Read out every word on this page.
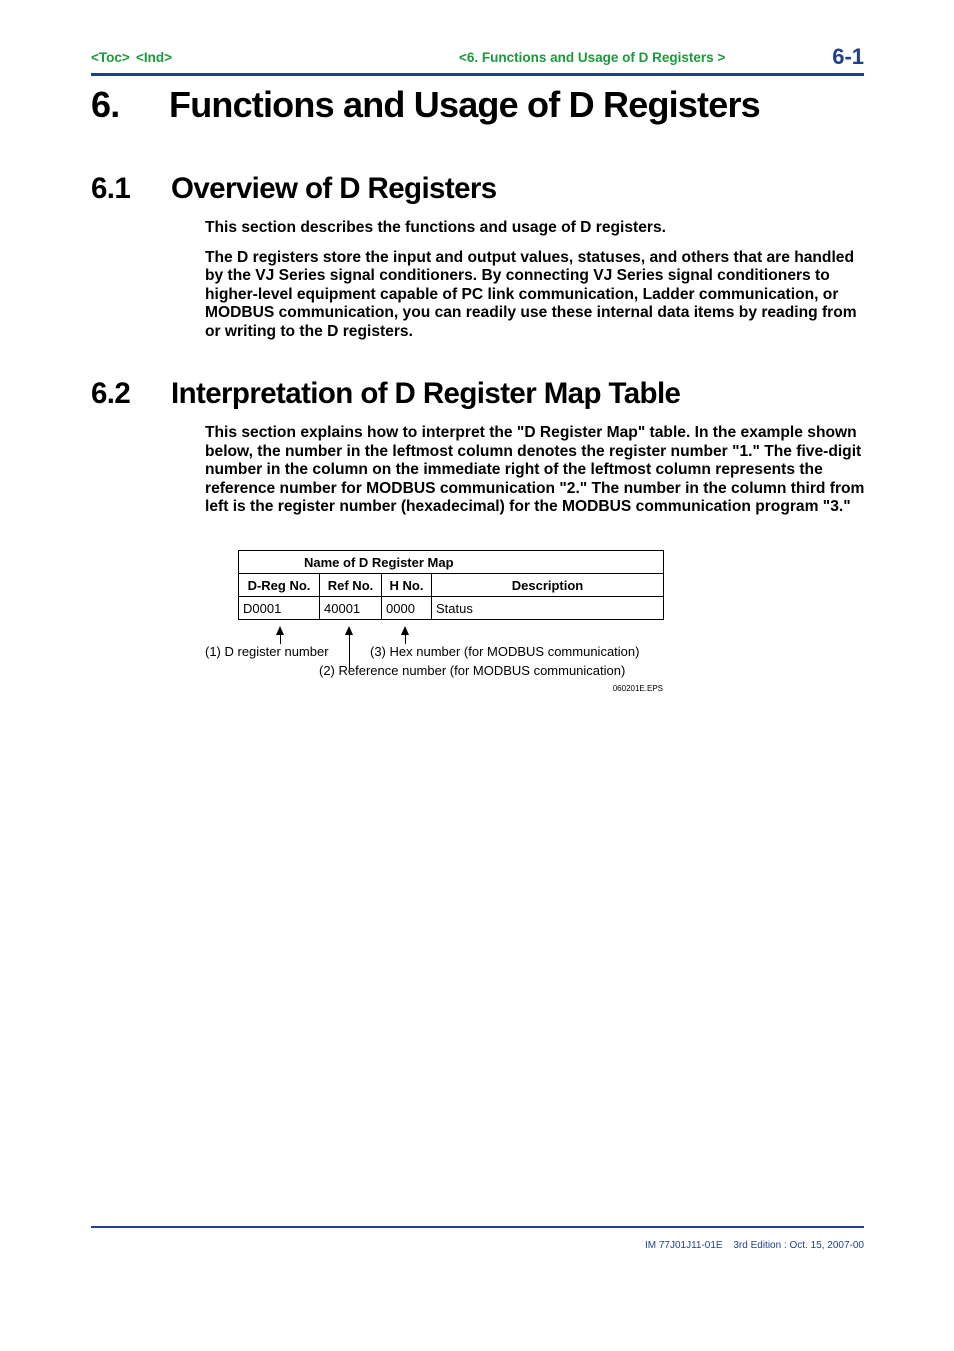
<Toc> <Ind>	<6. Functions and Usage of D Registers >	6-1
6. Functions and Usage of D Registers
6.1 Overview of D Registers

This section describes the functions and usage of D registers.

The D registers store the input and output values, statuses, and others that are handled by the VJ Series signal conditioners. By connecting VJ Series signal conditioners to higher-level equipment capable of PC link communication, Ladder communication, or MODBUS communication, you can readily use these internal data items by reading from or writing to the D registers.

6.2 Interpretation of D Register Map Table

This section explains how to interpret the "D Register Map" table. In the example shown below, the number in the leftmost column denotes the register number "1." The five-digit number in the column on the immediate right of the leftmost column represents the reference number for MODBUS communication "2." The number in the column third from left is the register number (hexadecimal) for the MODBUS communication program "3."

Name of D Register Map			
D-Reg No.	Ref No.	H No.	Description
D0001	40001	0000	Status
(1) D register number	(3) Hex number (for MODBUS communication)
(2) Reference number (for MODBUS communication)
060201E.EPS
IM 77J01J11-01E 3rd Edition : Oct. 15, 2007-00
